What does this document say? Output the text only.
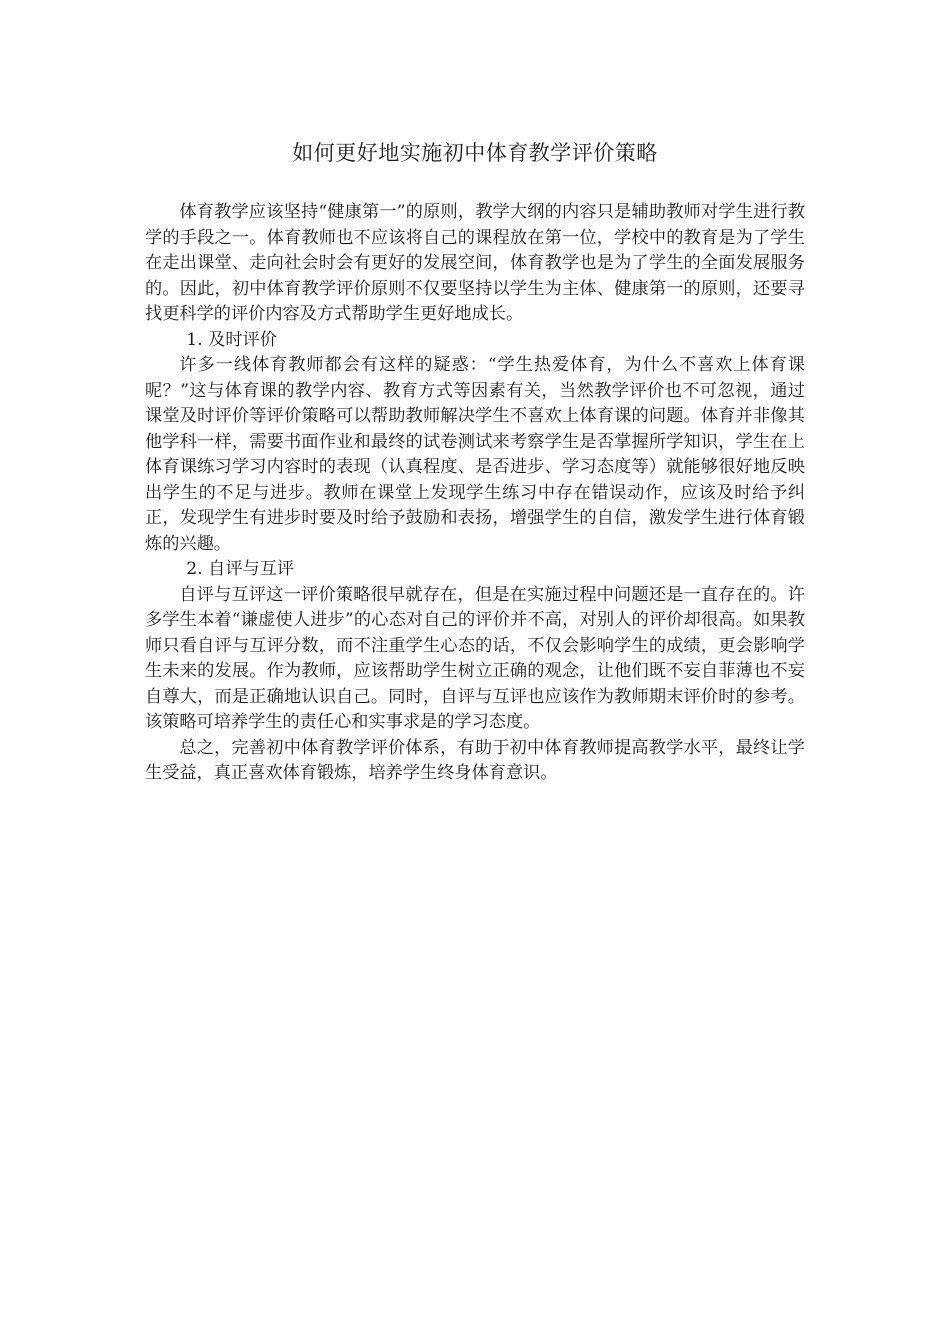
如何更好地实施初中体育教学评价策略

体育教学应该坚持“健康第一”的原则，教学大纲的内容只是辅助教师对学生进行教学的手段之一。体育教师也不应该将自己的课程放在第一位，学校中的教育是为了学生在走出课堂、走向社会时会有更好的发展空间，体育教学也是为了学生的全面发展服务的。因此，初中体育教学评价原则不仅要坚持以学生为主体、健康第一的原则，还要寻找更科学的评价内容及方式帮助学生更好地成长。

1. 及时评价

许多一线体育教师都会有这样的疑惑：“学生热爱体育，为什么不喜欢上体育课呢？”这与体育课的教学内容、教育方式等因素有关，当然教学评价也不可忽视，通过课堂及时评价等评价策略可以帮助教师解决学生不喜欢上体育课的问题。体育并非像其他学科一样，需要书面作业和最终的试卷测试来考察学生是否掌握所学知识，学生在上体育课练习学习内容时的表现（认真程度、是否进步、学习态度等）就能够很好地反映出学生的不足与进步。教师在课堂上发现学生练习中存在错误动作，应该及时给予纠正，发现学生有进步时要及时给予鼓励和表扬，增强学生的自信，激发学生进行体育锻炼的兴趣。

2. 自评与互评

自评与互评这一评价策略很早就存在，但是在实施过程中问题还是一直存在的。许多学生本着“谦虚使人进步”的心态对自己的评价并不高，对别人的评价却很高。如果教师只看自评与互评分数，而不注重学生心态的话，不仅会影响学生的成绩，更会影响学生未来的发展。作为教师，应该帮助学生树立正确的观念，让他们既不妄自菲薄也不妄自尊大，而是正确地认识自己。同时，自评与互评也应该作为教师期末评价时的参考。该策略可培养学生的责任心和实事求是的学习态度。

总之，完善初中体育教学评价体系，有助于初中体育教师提高教学水平，最终让学生受益，真正喜欢体育锻炼，培养学生终身体育意识。
